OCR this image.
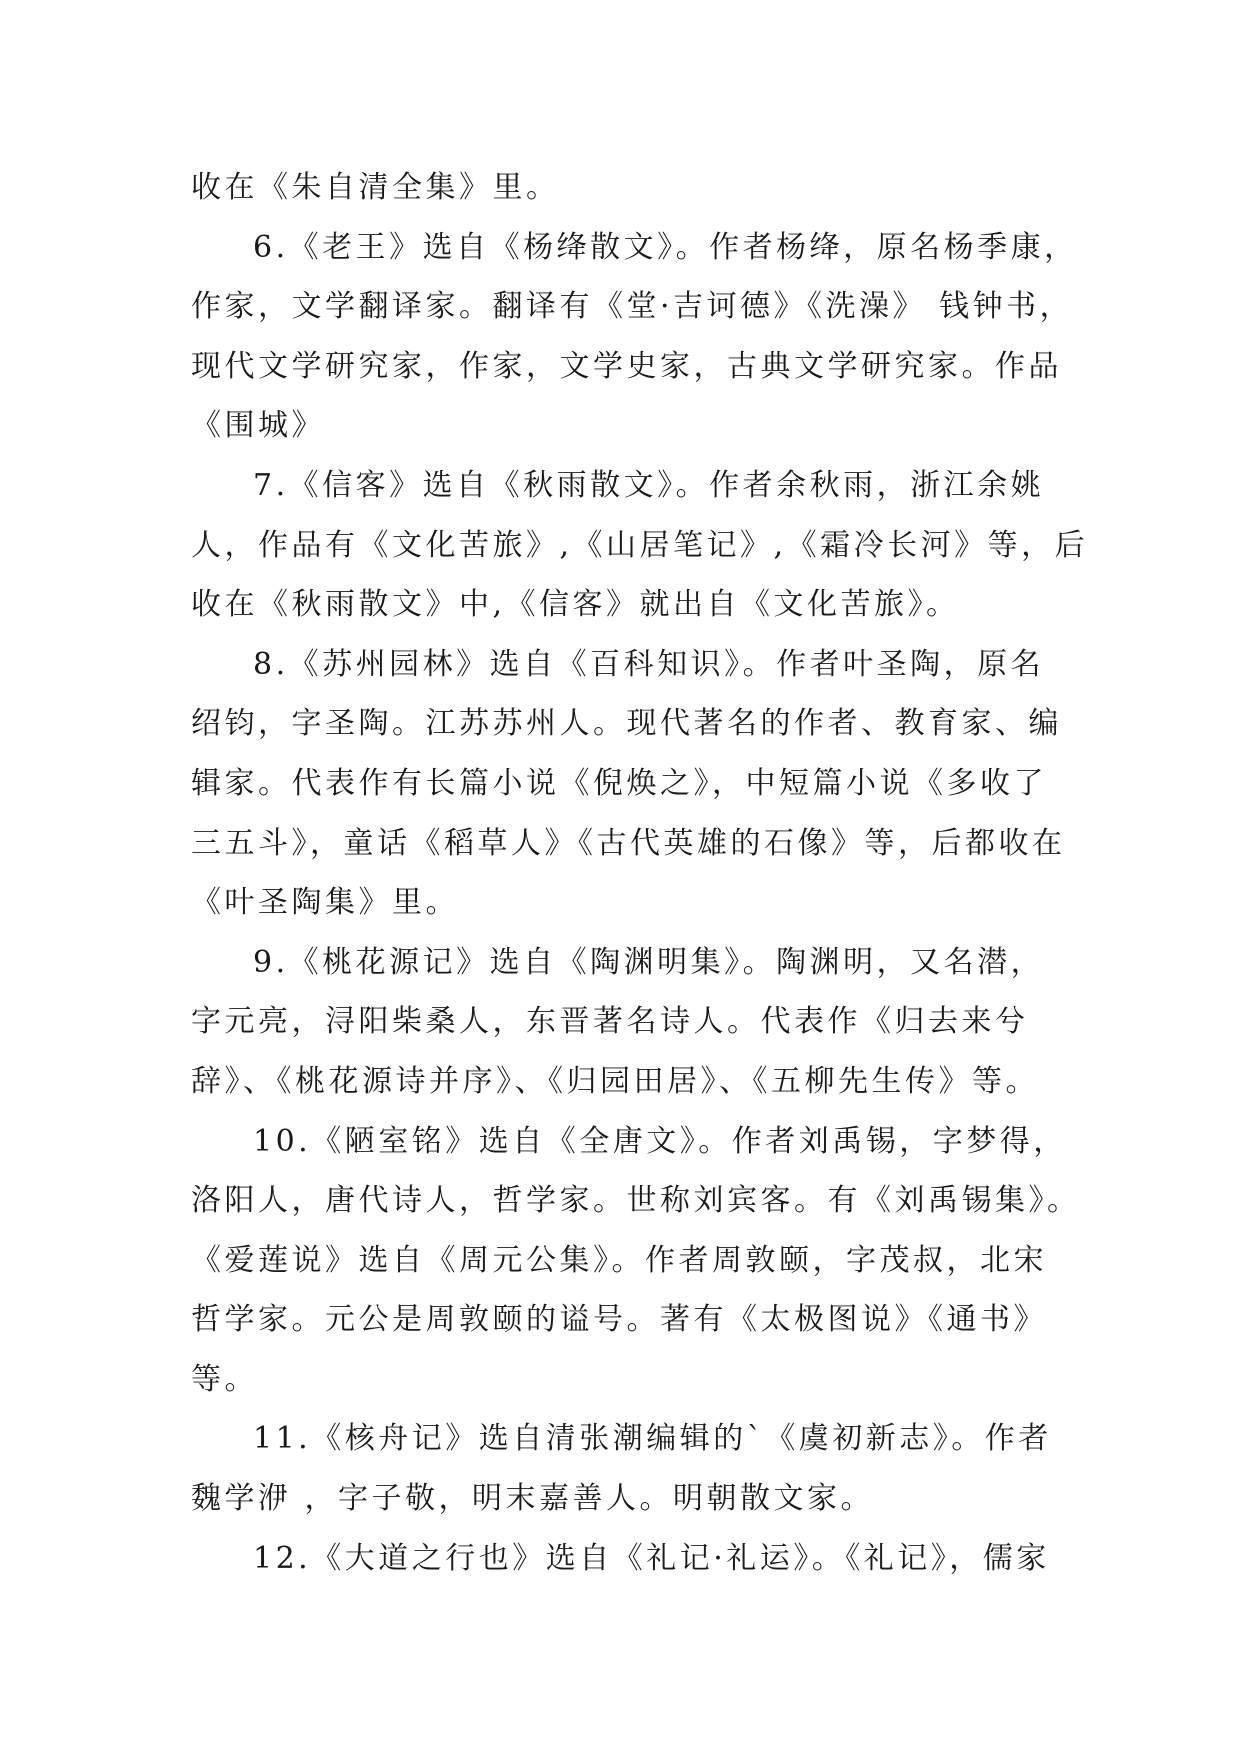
收在《朱自清全集》里。
6.《老王》选自《杨绛散文》。作者杨绛，原名杨季康，
作家，文学翻译家。翻译有《堂·吉诃德》《洗澡》 钱钟书，
现代文学研究家，作家，文学史家，古典文学研究家。作品
《围城》
7.《信客》选自《秋雨散文》。作者余秋雨，浙江余姚
人，作品有《文化苦旅》,《山居笔记》,《霜冷长河》等，后
收在《秋雨散文》中,《信客》就出自《文化苦旅》。
8.《苏州园林》选自《百科知识》。作者叶圣陶，原名
绍钧，字圣陶。江苏苏州人。现代著名的作者、教育家、编
辑家。代表作有长篇小说《倪焕之》，中短篇小说《多收了
三五斗》，童话《稻草人》《古代英雄的石像》等，后都收在
《叶圣陶集》里。
9.《桃花源记》选自《陶渊明集》。陶渊明，又名潜，
字元亮，浔阳柴桑人，东晋著名诗人。代表作《归去来兮
辞》、《桃花源诗并序》、《归园田居》、《五柳先生传》等。
10.《陋室铭》选自《全唐文》。作者刘禹锡，字梦得，
洛阳人，唐代诗人，哲学家。世称刘宾客。有《刘禹锡集》。
《爱莲说》选自《周元公集》。作者周敦颐，字茂叔，北宋
哲学家。元公是周敦颐的谥号。著有《太极图说》《通书》
等。
11.《核舟记》选自清张潮编辑的`《虞初新志》。作者
魏学洢 ，字子敬，明末嘉善人。明朝散文家。
12.《大道之行也》选自《礼记·礼运》。《礼记》，儒家
